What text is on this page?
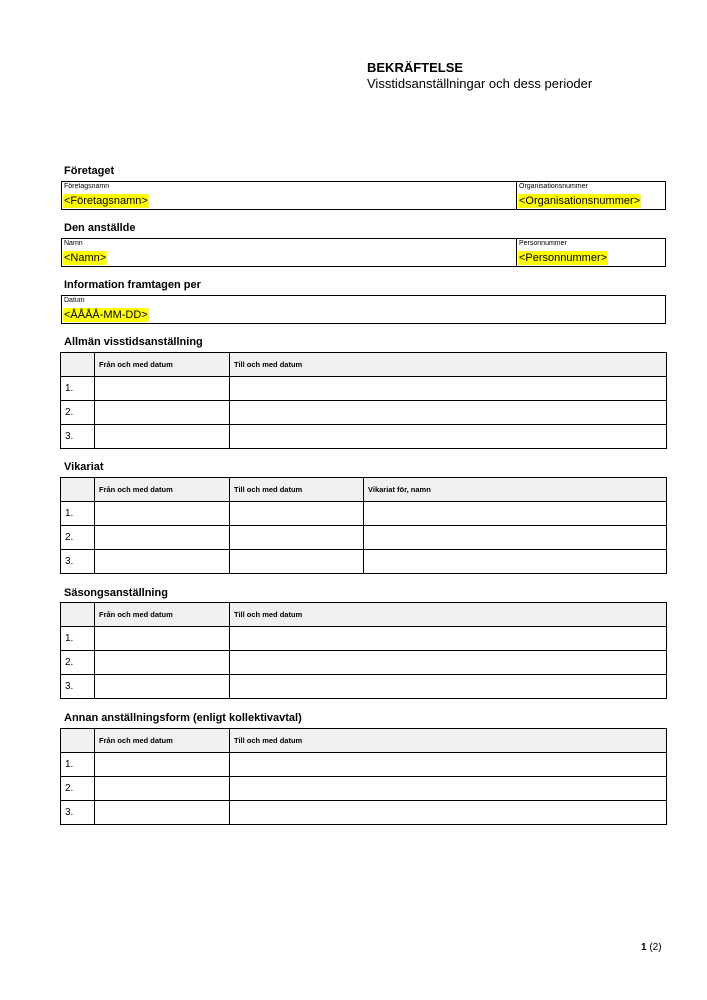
BEKRÄFTELSE
Visstidsanställningar och dess perioder
Företaget
Företagsnamn
<Företagsnamn>
Organisationsnummer
<Organisationsnummer>
Den anställde
Namn
<Namn>
Personnummer
<Personnummer>
Information framtagen per
Datum
<ÅÅÅÅ-MM-DD>
Allmän visstidsanställning
	Från och med datum	Till och med datum
1.		
2.		
3.		
Vikariat
	Från och med datum	Till och med datum	Vikariat för, namn
1.			
2.			
3.			
Säsongsanställning
	Från och med datum	Till och med datum
1.		
2.		
3.		
Annan anställningsform (enligt kollektivavtal)
	Från och med datum	Till och med datum
1.		
2.		
3.		
1 (2)
